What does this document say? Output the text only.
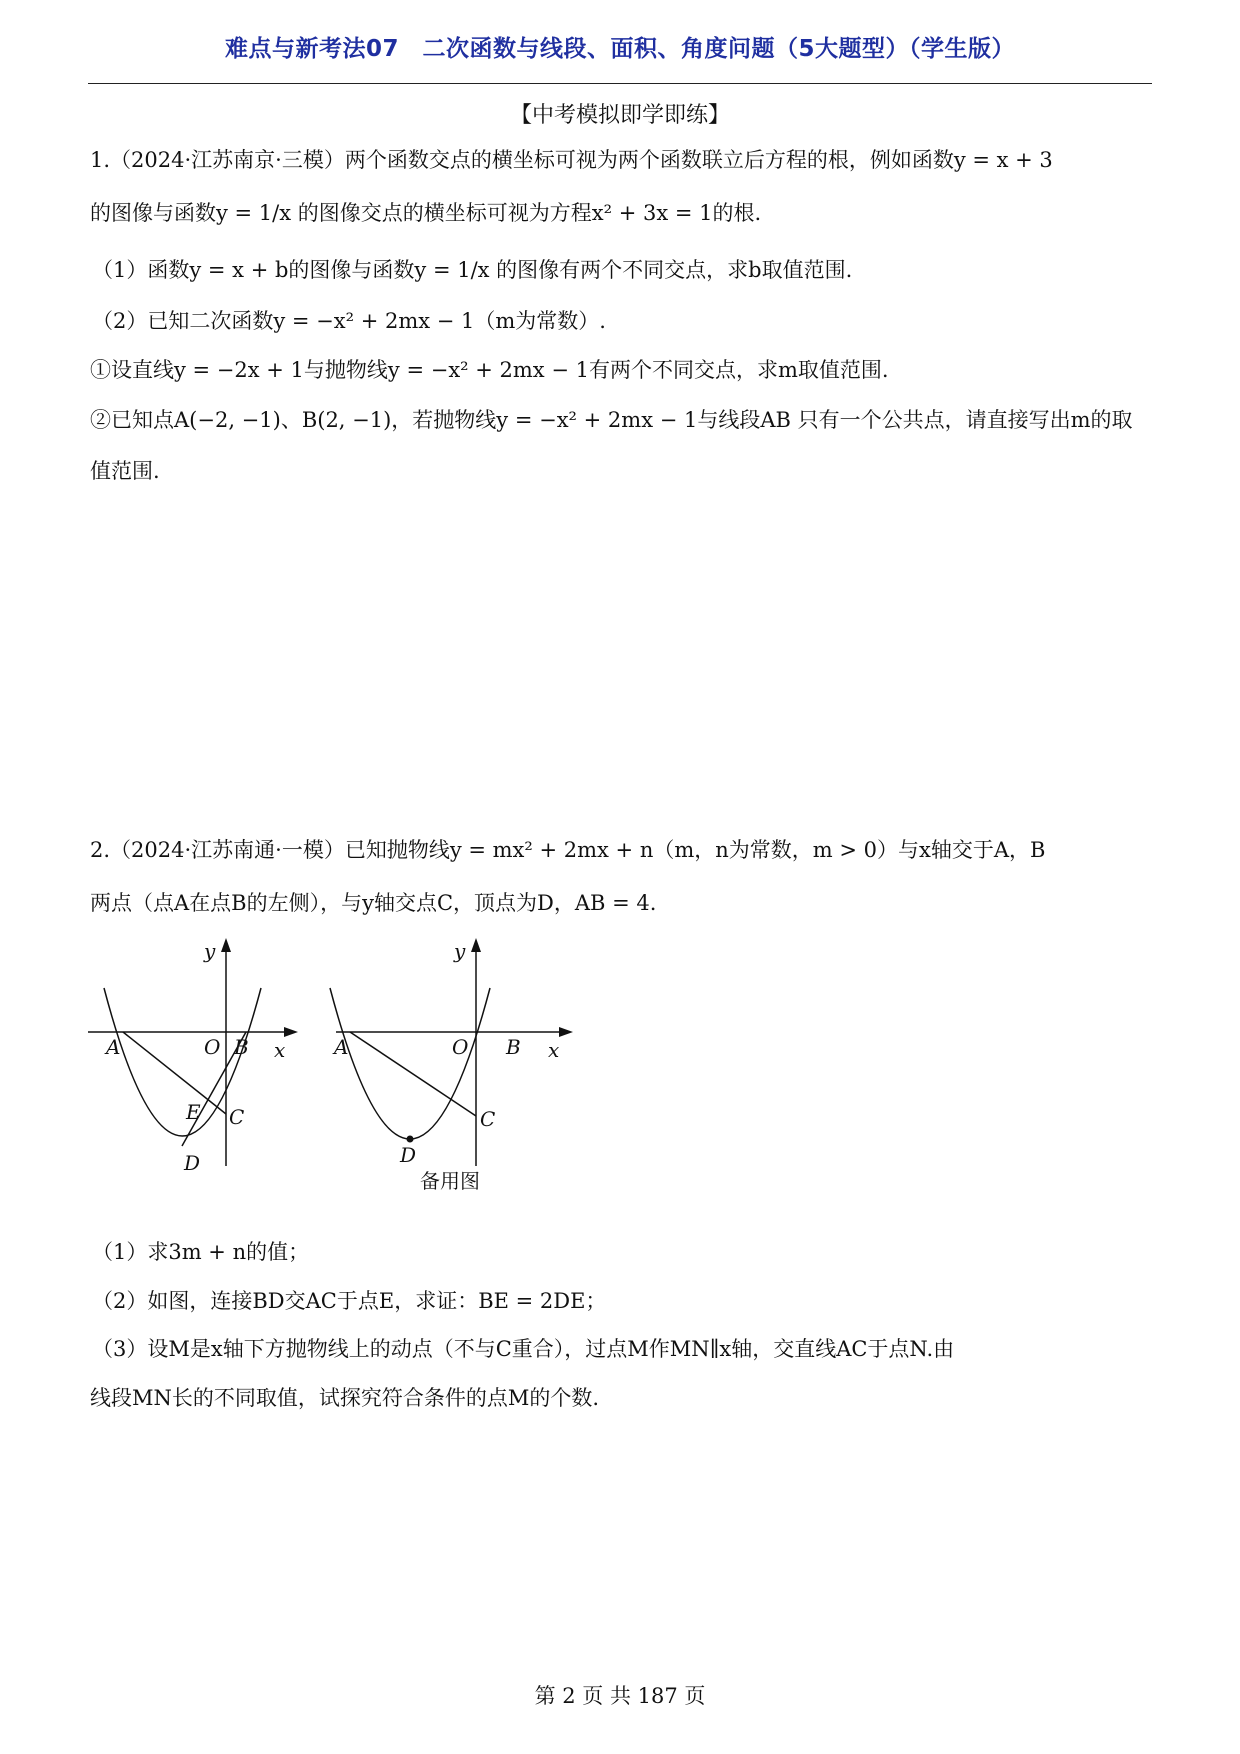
难点与新考法07　二次函数与线段、面积、角度问题（5大题型）（学生版）
【中考模拟即学即练】
1.（2024·江苏南京·三模）两个函数交点的横坐标可视为两个函数联立后方程的根，例如函数y = x + 3
的图像与函数y = 1/x 的图像交点的横坐标可视为方程x² + 3x = 1的根.
（1）函数y = x + b的图像与函数y = 1/x 的图像有两个不同交点，求b取值范围.
（2）已知二次函数y = −x² + 2mx − 1（m为常数）.
①设直线y = −2x + 1与抛物线y = −x² + 2mx − 1有两个不同交点，求m取值范围.
②已知点A(−2, −1)、B(2, −1)，若抛物线y = −x² + 2mx − 1与线段AB 只有一个公共点，请直接写出m的取
值范围.
2.（2024·江苏南通·一模）已知抛物线y = mx² + 2mx + n（m，n为常数，m > 0）与x轴交于A，B
两点（点A在点B的左侧），与y轴交点C，顶点为D，AB = 4.
y
x
O
A	B
C
E
D
y
x
O
A	B
C
D
备用图
（1）求3m + n的值；
（2）如图，连接BD交AC于点E，求证：BE = 2DE；
（3）设M是x轴下方抛物线上的动点（不与C重合），过点M作MN∥x轴，交直线AC于点N.由
线段MN长的不同取值，试探究符合条件的点M的个数.
第 2 页 共 187 页
